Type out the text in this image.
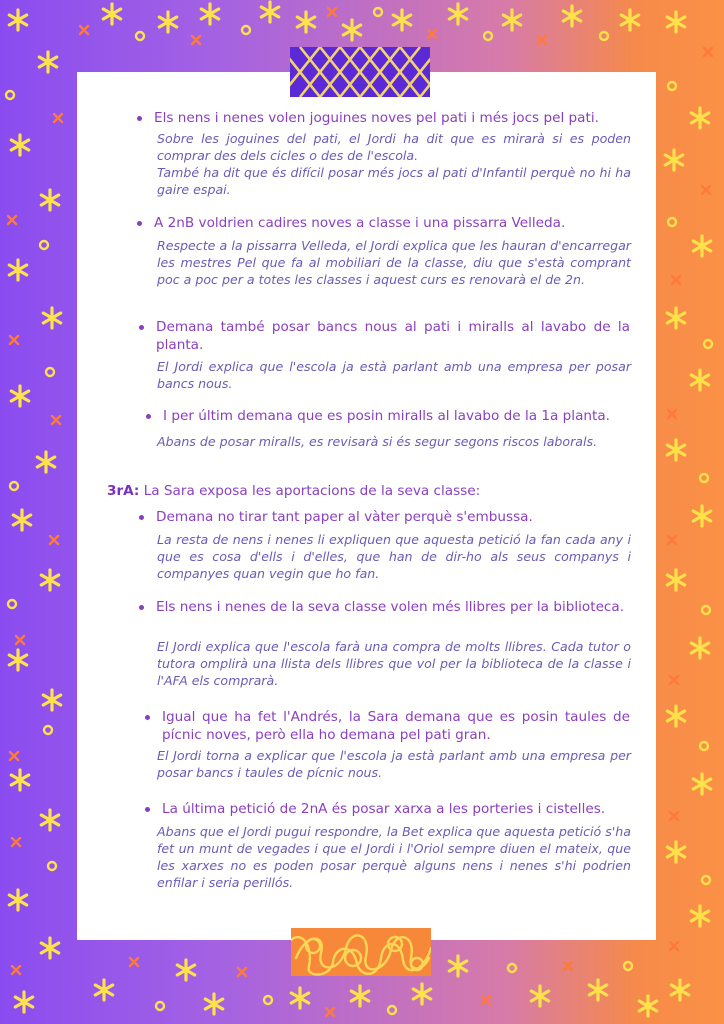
Els nens i nenes volen joguines noves pel pati i més jocs pel pati.
Sobre les joguines del pati, el Jordi ha dit que es mirarà si es poden comprar des dels cicles o des de l'escola.
També ha dit que és difícil posar més jocs al pati d'Infantil perquè no hi ha gaire espai.
A 2nB voldrien cadires noves a classe i una pissarra Velleda.
Respecte a la pissarra Velleda, el Jordi explica que les hauran d'encarregar les mestres Pel que fa al mobiliari de la classe, diu que s'està comprant poc a poc per a totes les classes i aquest curs es renovarà el de 2n.
Demana també posar bancs nous al pati i miralls al lavabo de la planta.
El Jordi explica que l'escola ja està parlant amb una empresa per posar bancs nous.
I per últim demana que es posin miralls al lavabo de la 1a planta.
Abans de posar miralls, es revisarà si és segur segons riscos laborals.
3rA: La Sara exposa les aportacions de la seva classe:
Demana no tirar tant paper al vàter perquè s'embussa.
La resta de nens i nenes li expliquen que aquesta petició la fan cada any i que es cosa d'ells i d'elles, que han de dir-ho als seus companys i companyes quan vegin que ho fan.
Els nens i nenes de la seva classe volen més llibres per la biblioteca.
El Jordi explica que l'escola farà una compra de molts llibres. Cada tutor o tutora omplirà una llista dels llibres que vol per la biblioteca de la classe i l'AFA els comprarà.
Igual que ha fet l'Andrés, la Sara demana que es posin taules de pícnic noves, però ella ho demana pel pati gran.
El Jordi torna a explicar que l'escola ja està parlant amb una empresa per posar bancs i taules de pícnic nous.
La última petició de 2nA és posar xarxa a les porteries i cistelles.
Abans que el Jordi pugui respondre, la Bet explica que aquesta petició s'ha fet un munt de vegades i que el Jordi i l'Oriol sempre diuen el mateix, que les xarxes no es poden posar perquè alguns nens i nenes s'hi podrien enfilar i seria perillós.
